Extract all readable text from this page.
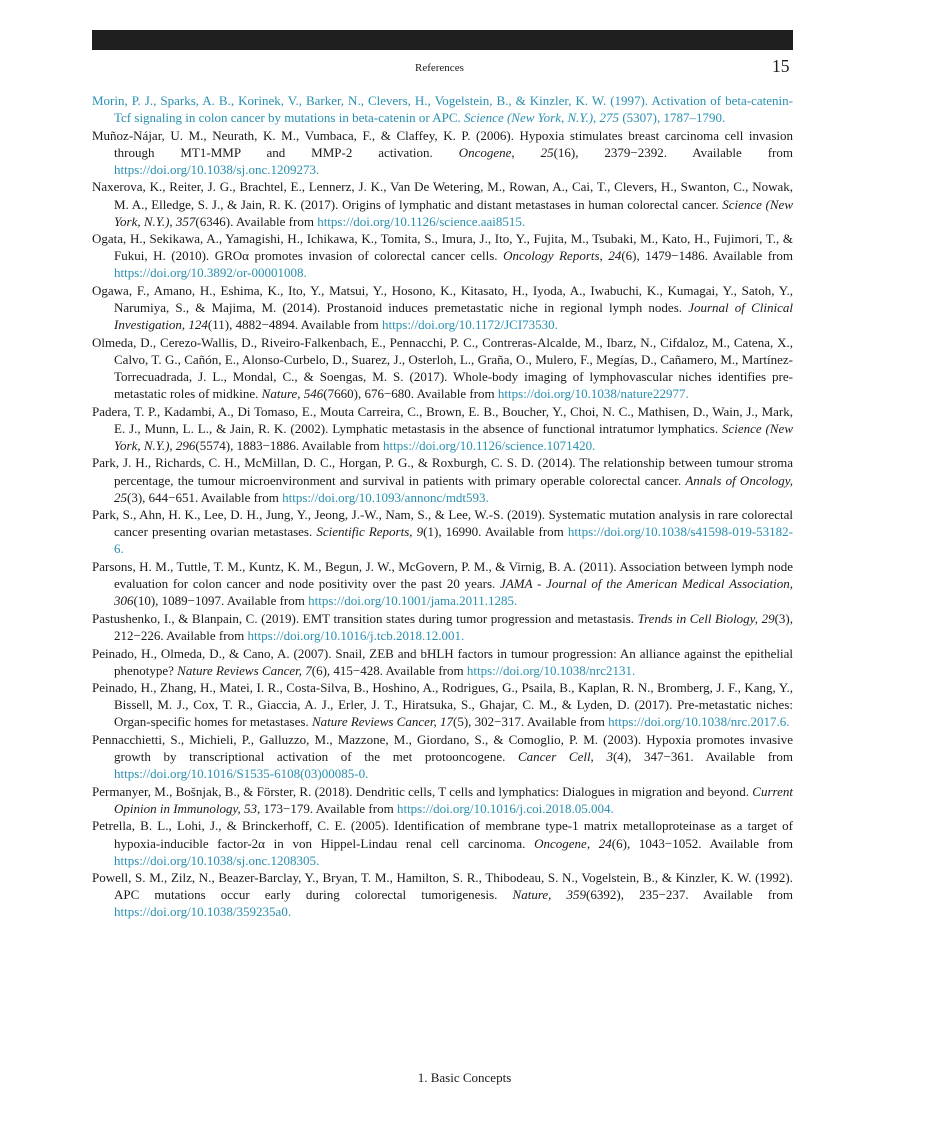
References	15

Morin, P. J., Sparks, A. B., Korinek, V., Barker, N., Clevers, H., Vogelstein, B., & Kinzler, K. W. (1997). Activation of beta-catenin-Tcf signaling in colon cancer by mutations in beta-catenin or APC. Science (New York, N.Y.), 275 (5307), 1787–1790.

Muñoz-Nájar, U. M., Neurath, K. M., Vumbaca, F., & Claffey, K. P. (2006). Hypoxia stimulates breast carcinoma cell invasion through MT1-MMP and MMP-2 activation. Oncogene, 25(16), 2379−2392. Available from https://doi.org/10.1038/sj.onc.1209273.

Naxerova, K., Reiter, J. G., Brachtel, E., Lennerz, J. K., Van De Wetering, M., Rowan, A., Cai, T., Clevers, H., Swanton, C., Nowak, M. A., Elledge, S. J., & Jain, R. K. (2017). Origins of lymphatic and distant metastases in human colorectal cancer. Science (New York, N.Y.), 357(6346). Available from https://doi.org/10.1126/science.aai8515.

Ogata, H., Sekikawa, A., Yamagishi, H., Ichikawa, K., Tomita, S., Imura, J., Ito, Y., Fujita, M., Tsubaki, M., Kato, H., Fujimori, T., & Fukui, H. (2010). GROα promotes invasion of colorectal cancer cells. Oncology Reports, 24(6), 1479−1486. Available from https://doi.org/10.3892/or-00001008.

Ogawa, F., Amano, H., Eshima, K., Ito, Y., Matsui, Y., Hosono, K., Kitasato, H., Iyoda, A., Iwabuchi, K., Kumagai, Y., Satoh, Y., Narumiya, S., & Majima, M. (2014). Prostanoid induces premetastatic niche in regional lymph nodes. Journal of Clinical Investigation, 124(11), 4882−4894. Available from https://doi.org/10.1172/JCI73530.

Olmeda, D., Cerezo-Wallis, D., Riveiro-Falkenbach, E., Pennacchi, P. C., Contreras-Alcalde, M., Ibarz, N., Cifdaloz, M., Catena, X., Calvo, T. G., Cañón, E., Alonso-Curbelo, D., Suarez, J., Osterloh, L., Graña, O., Mulero, F., Megías, D., Cañamero, M., Martínez-Torrecuadrada, J. L., Mondal, C., & Soengas, M. S. (2017). Whole-body imaging of lymphovascular niches identifies pre-metastatic roles of midkine. Nature, 546(7660), 676−680. Available from https://doi.org/10.1038/nature22977.

Padera, T. P., Kadambi, A., Di Tomaso, E., Mouta Carreira, C., Brown, E. B., Boucher, Y., Choi, N. C., Mathisen, D., Wain, J., Mark, E. J., Munn, L. L., & Jain, R. K. (2002). Lymphatic metastasis in the absence of functional intratumor lymphatics. Science (New York, N.Y.), 296(5574), 1883−1886. Available from https://doi.org/10.1126/science.1071420.

Park, J. H., Richards, C. H., McMillan, D. C., Horgan, P. G., & Roxburgh, C. S. D. (2014). The relationship between tumour stroma percentage, the tumour microenvironment and survival in patients with primary operable colorectal cancer. Annals of Oncology, 25(3), 644−651. Available from https://doi.org/10.1093/annonc/mdt593.

Park, S., Ahn, H. K., Lee, D. H., Jung, Y., Jeong, J.-W., Nam, S., & Lee, W.-S. (2019). Systematic mutation analysis in rare colorectal cancer presenting ovarian metastases. Scientific Reports, 9(1), 16990. Available from https://doi.org/10.1038/s41598-019-53182-6.

Parsons, H. M., Tuttle, T. M., Kuntz, K. M., Begun, J. W., McGovern, P. M., & Virnig, B. A. (2011). Association between lymph node evaluation for colon cancer and node positivity over the past 20 years. JAMA - Journal of the American Medical Association, 306(10), 1089−1097. Available from https://doi.org/10.1001/jama.2011.1285.

Pastushenko, I., & Blanpain, C. (2019). EMT transition states during tumor progression and metastasis. Trends in Cell Biology, 29(3), 212−226. Available from https://doi.org/10.1016/j.tcb.2018.12.001.

Peinado, H., Olmeda, D., & Cano, A. (2007). Snail, ZEB and bHLH factors in tumour progression: An alliance against the epithelial phenotype? Nature Reviews Cancer, 7(6), 415−428. Available from https://doi.org/10.1038/nrc2131.

Peinado, H., Zhang, H., Matei, I. R., Costa-Silva, B., Hoshino, A., Rodrigues, G., Psaila, B., Kaplan, R. N., Bromberg, J. F., Kang, Y., Bissell, M. J., Cox, T. R., Giaccia, A. J., Erler, J. T., Hiratsuka, S., Ghajar, C. M., & Lyden, D. (2017). Pre-metastatic niches: Organ-specific homes for metastases. Nature Reviews Cancer, 17(5), 302−317. Available from https://doi.org/10.1038/nrc.2017.6.

Pennacchietti, S., Michieli, P., Galluzzo, M., Mazzone, M., Giordano, S., & Comoglio, P. M. (2003). Hypoxia promotes invasive growth by transcriptional activation of the met protooncogene. Cancer Cell, 3(4), 347−361. Available from https://doi.org/10.1016/S1535-6108(03)00085-0.

Permanyer, M., Bošnjak, B., & Förster, R. (2018). Dendritic cells, T cells and lymphatics: Dialogues in migration and beyond. Current Opinion in Immunology, 53, 173−179. Available from https://doi.org/10.1016/j.coi.2018.05.004.

Petrella, B. L., Lohi, J., & Brinckerhoff, C. E. (2005). Identification of membrane type-1 matrix metalloproteinase as a target of hypoxia-inducible factor-2α in von Hippel-Lindau renal cell carcinoma. Oncogene, 24(6), 1043−1052. Available from https://doi.org/10.1038/sj.onc.1208305.

Powell, S. M., Zilz, N., Beazer-Barclay, Y., Bryan, T. M., Hamilton, S. R., Thibodeau, S. N., Vogelstein, B., & Kinzler, K. W. (1992). APC mutations occur early during colorectal tumorigenesis. Nature, 359(6392), 235−237. Available from https://doi.org/10.1038/359235a0.

1. Basic Concepts
